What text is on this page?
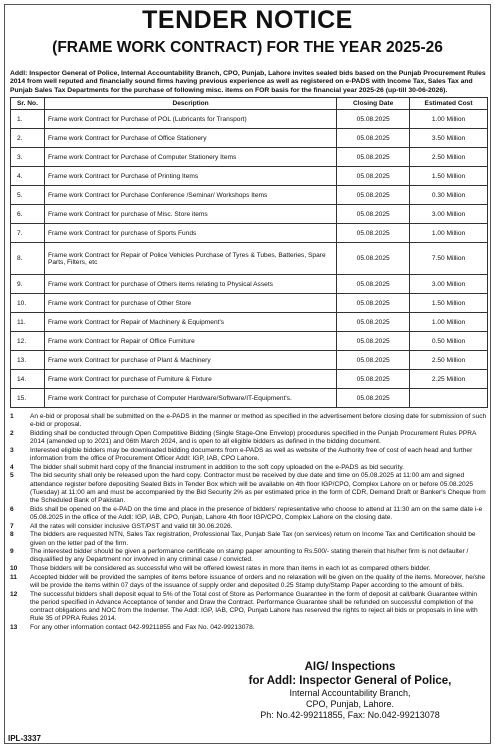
TENDER NOTICE
(FRAME WORK CONTRACT) FOR THE YEAR 2025-26
Addl: Inspector General of Police, Internal Accountability Branch, CPO, Punjab, Lahore invites sealed bids based on the Punjab Procurement Rules 2014 from well reputed and financially sound firms having previous experience as well as registered on e-PADS with Income Tax, Sales Tax and Punjab Sales Tax Departments for the purchase of following misc. items on FOR basis for the financial year 2025-26 (up-till 30-06-2026).
Sr. No.	Description	Closing Date	Estimated Cost
1.	Frame work Contract for Purchase of POL (Lubricants for Transport)	05.08.2025	1.00 Million
2.	Frame work Contract for Purchase of Office Stationery	05.08.2025	3.50 Million
3.	Frame work Contract for Purchase of Computer Stationery Items	05.08.2025	2.50 Million
4.	Frame work Contract for Purchase of Printing Items	05.08.2025	1.50 Million
5.	Frame work Contract for Purchase Conference /Seminar/ Workshops Items	05.08.2025	0.30 Million
6.	Frame work Contract for purchase of Misc. Store items	05.08.2025	3.00 Million
7.	Frame work Contract for purchase of Sports Funds	05.08.2025	1.00 Million
8.	Frame work Contract for Repair of Police Vehicles Purchase of Tyres & Tubes, Batteries, Spare Parts, Filters, etc	05.08.2025	7.50 Million
9.	Frame work Contract for purchase of Others items relating to Physical Assets	05.08.2025	3.00 Million
10.	Frame work Contract for purchase of Other Store	05.08.2025	1.50 Million
11.	Frame work Contract for Repair of Machinery & Equipment's	05.08.2025	1.00 Million
12.	Frame work Contract for Repair of Office Furniture	05.08.2025	0.50 Million
13.	Frame work Contract for purchase of Plant & Machinery	05.08.2025	2.50 Million
14.	Frame work Contract for purchase of Furniture & Fixture	05.08.2025	2.25 Million
15.	Frame work Contract for purchase of Computer Hardware/Software/IT-Equipment's.	05.08.2025	
1	An e-bid or proposal shall be submitted on the e-PADS in the manner or method as specified in the advertisement before closing date for submission of such e-bid or proposal.
2	Bidding shall be conducted through Open Competitive Bidding (Single Stage-One Envelop) procedures specified in the Punjab Procurement Rules PPRA 2014 (amended up to 2021) and 06th March 2024, and is open to all eligible bidders as defined in the bidding document.
3	Interested eligible bidders may be downloaded bidding documents from e-PADS as well as website of the Authority free of cost of each head and further information from the office of Procurement Officer Addl: IGP, IAB, CPO Lahore.
4	The bidder shall submit hard copy of the financial instrument in addition to the soft copy uploaded on the e-PADS as bid security.
5	The bid security shall only be released upon the hard copy. Contractor must be received by due date and time on 05.08.2025 at 11:00 am and signed attendance register before depositing Sealed Bids in Tender Box which will be available on 4th floor IGP/CPO, Complex Lahore on or before 05.08.2025 (Tuesday) at 11:00 am and must be accompanied by the Bid Security 2% as per estimated price in the form of CDR, Demand Draft or Banker's Cheque from the Scheduled Bank of Pakistan.
6	Bids shall be opened on the e-PAD on the time and place in the presence of bidders' representative who choose to attend at 11:30 am on the same date i-e 05.08.2025 in the office of the Addl: IGP, IAB, CPO, Punjab, Lahore 4th floor IGP/CPO, Complex Lahore on the closing date.
7	All the rates will consider inclusive GST/PST and valid till 30.06.2026.
8	The bidders are requested NTN, Sales Tax registration, Professional Tax, Punjab Sale Tax (on services) return on Income Tax and Certification should be given on the letter pad of the firm.
9	The interested bidder should be given a performance certificate on stamp paper amounting to Rs.500/- stating therein that his/her firm is not defaulter / disqualified by any Department nor involved in any criminal case / convicted.
10	Those bidders will be considered as successful who will be offered lowest rates in more than items in each lot as compared others bidder.
11	Accepted bidder will be provided the samples of items before issuance of orders and no relaxation will be given on the quality of the items. Moreover, he/she will be provide the items within 07 days of the issuance of supply order and deposited 0.25 Stamp duty/Stamp Paper according to the amount of bills.
12	The successful bidders shall deposit equal to 5% of the Total cost of Store as Performance Guarantee in the form of deposit at call/bank Guarantee within the period specified in Advance Acceptance of tender and Draw the Contract. Performance Guarantee shall be refunded on successful completion of the contract obligations and NOC from the Indenter. The Addl: IGP, IAB, CPO, Punjab Lahore has reserved the rights to reject all bids or proposals in line with Rule 35 of PPRA Rules 2014.
13	For any other information contact 042-99211855 and Fax No. 042-99213078.
AIG/ Inspections
for Addl: Inspector General of Police,
Internal Accountability Branch,
CPO, Punjab, Lahore.
Ph: No.42-99211855, Fax: No.042-99213078
IPL-3337
